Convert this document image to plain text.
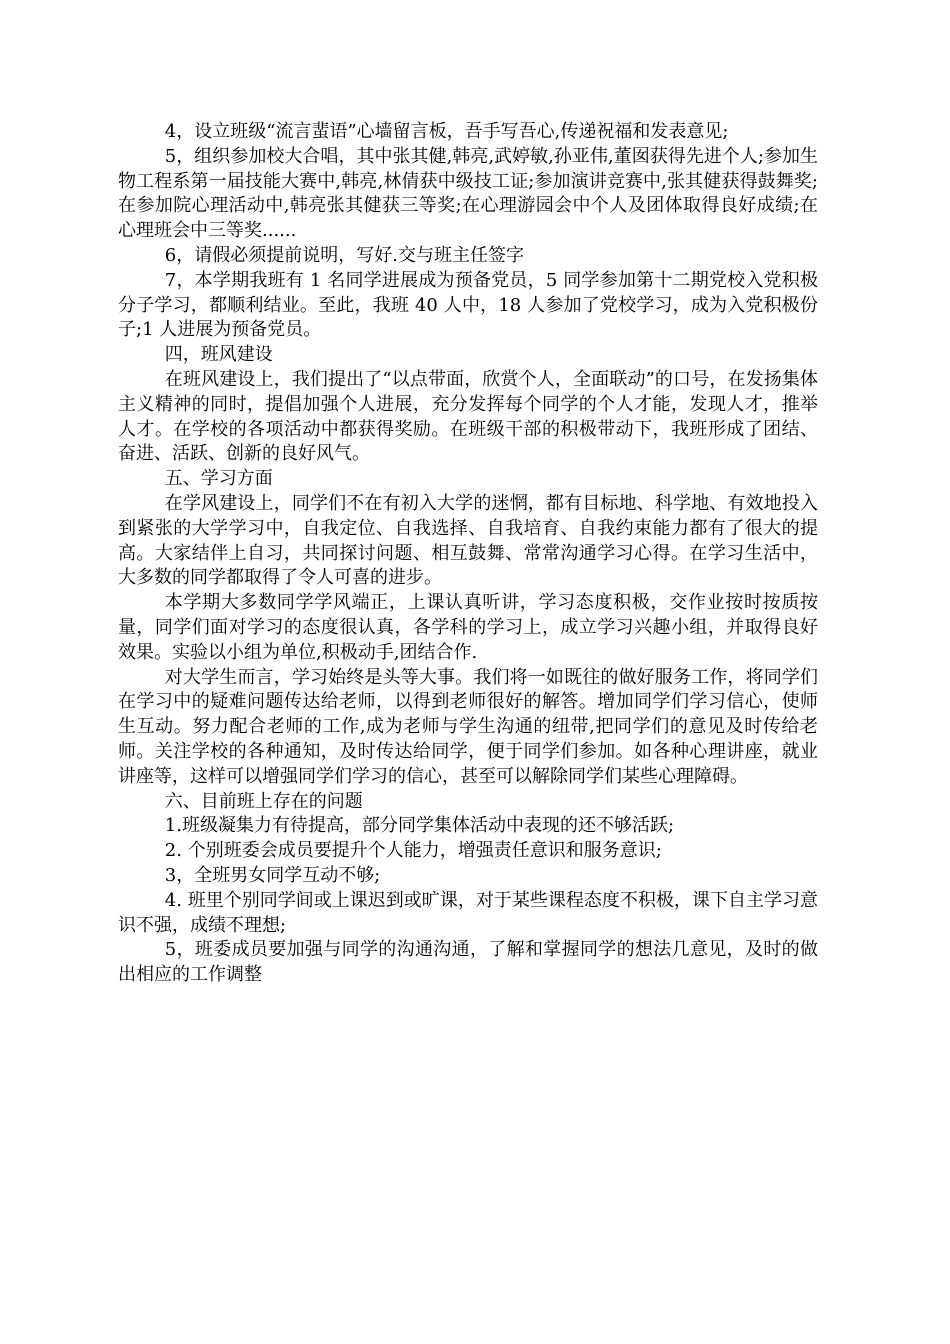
4，设立班级“流言蜚语”心墙留言板，吾手写吾心,传递祝福和发表意见;

5，组织参加校大合唱，其中张其健,韩亮,武婷敏,孙亚伟,董囡获得先进个人;参加生物工程系第一届技能大赛中,韩亮,林倩获中级技工证;参加演讲竞赛中,张其健获得鼓舞奖;在参加院心理活动中,韩亮张其健获三等奖;在心理游园会中个人及团体取得良好成绩;在心理班会中三等奖......

6，请假必须提前说明，写好.交与班主任签字

7，本学期我班有 1 名同学进展成为预备党员，5 同学参加第十二期党校入党积极分子学习，都顺利结业。至此，我班 40 人中，18 人参加了党校学习，成为入党积极份子;1 人进展为预备党员。

四，班风建设

在班风建设上，我们提出了“以点带面，欣赏个人，全面联动”的口号，在发扬集体主义精神的同时，提倡加强个人进展，充分发挥每个同学的个人才能，发现人才，推举人才。在学校的各项活动中都获得奖励。在班级干部的积极带动下，我班形成了团结、奋进、活跃、创新的良好风气。

五、学习方面

在学风建设上，同学们不在有初入大学的迷惘，都有目标地、科学地、有效地投入到紧张的大学学习中，自我定位、自我选择、自我培育、自我约束能力都有了很大的提高。大家结伴上自习，共同探讨问题、相互鼓舞、常常沟通学习心得。在学习生活中，大多数的同学都取得了令人可喜的进步。

本学期大多数同学学风端正，上课认真听讲，学习态度积极，交作业按时按质按量，同学们面对学习的态度很认真，各学科的学习上，成立学习兴趣小组，并取得良好效果。实验以小组为单位,积极动手,团结合作.

对大学生而言，学习始终是头等大事。我们将一如既往的做好服务工作，将同学们在学习中的疑难问题传达给老师，以得到老师很好的解答。增加同学们学习信心，使师生互动。努力配合老师的工作,成为老师与学生沟通的纽带,把同学们的意见及时传给老师。关注学校的各种通知，及时传达给同学，便于同学们参加。如各种心理讲座，就业讲座等，这样可以增强同学们学习的信心，甚至可以解除同学们某些心理障碍。

六、目前班上存在的问题

1.班级凝集力有待提高，部分同学集体活动中表现的还不够活跃;

2. 个别班委会成员要提升个人能力，增强责任意识和服务意识;

3，全班男女同学互动不够;

4. 班里个别同学间或上课迟到或旷课，对于某些课程态度不积极，课下自主学习意识不强，成绩不理想;

5，班委成员要加强与同学的沟通沟通，了解和掌握同学的想法几意见，及时的做出相应的工作调整
